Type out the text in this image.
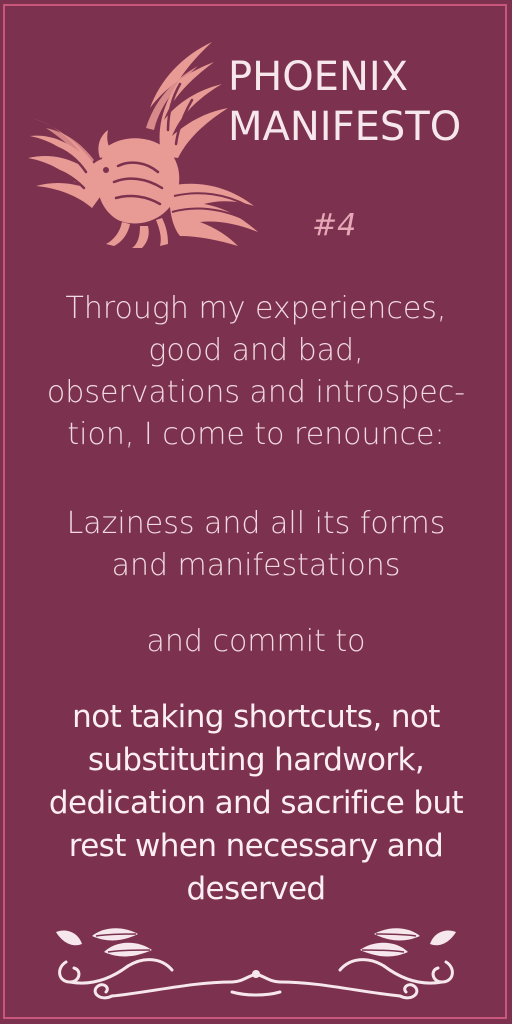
PHOENIX
MANIFESTO
#4

Through my experiences,
good and bad,
observations and introspec-
tion, I come to renounce:

Laziness and all its forms
and manifestations

and commit to

not taking shortcuts, not
substituting hardwork,
dedication and sacrifice but
rest when necessary and
deserved
